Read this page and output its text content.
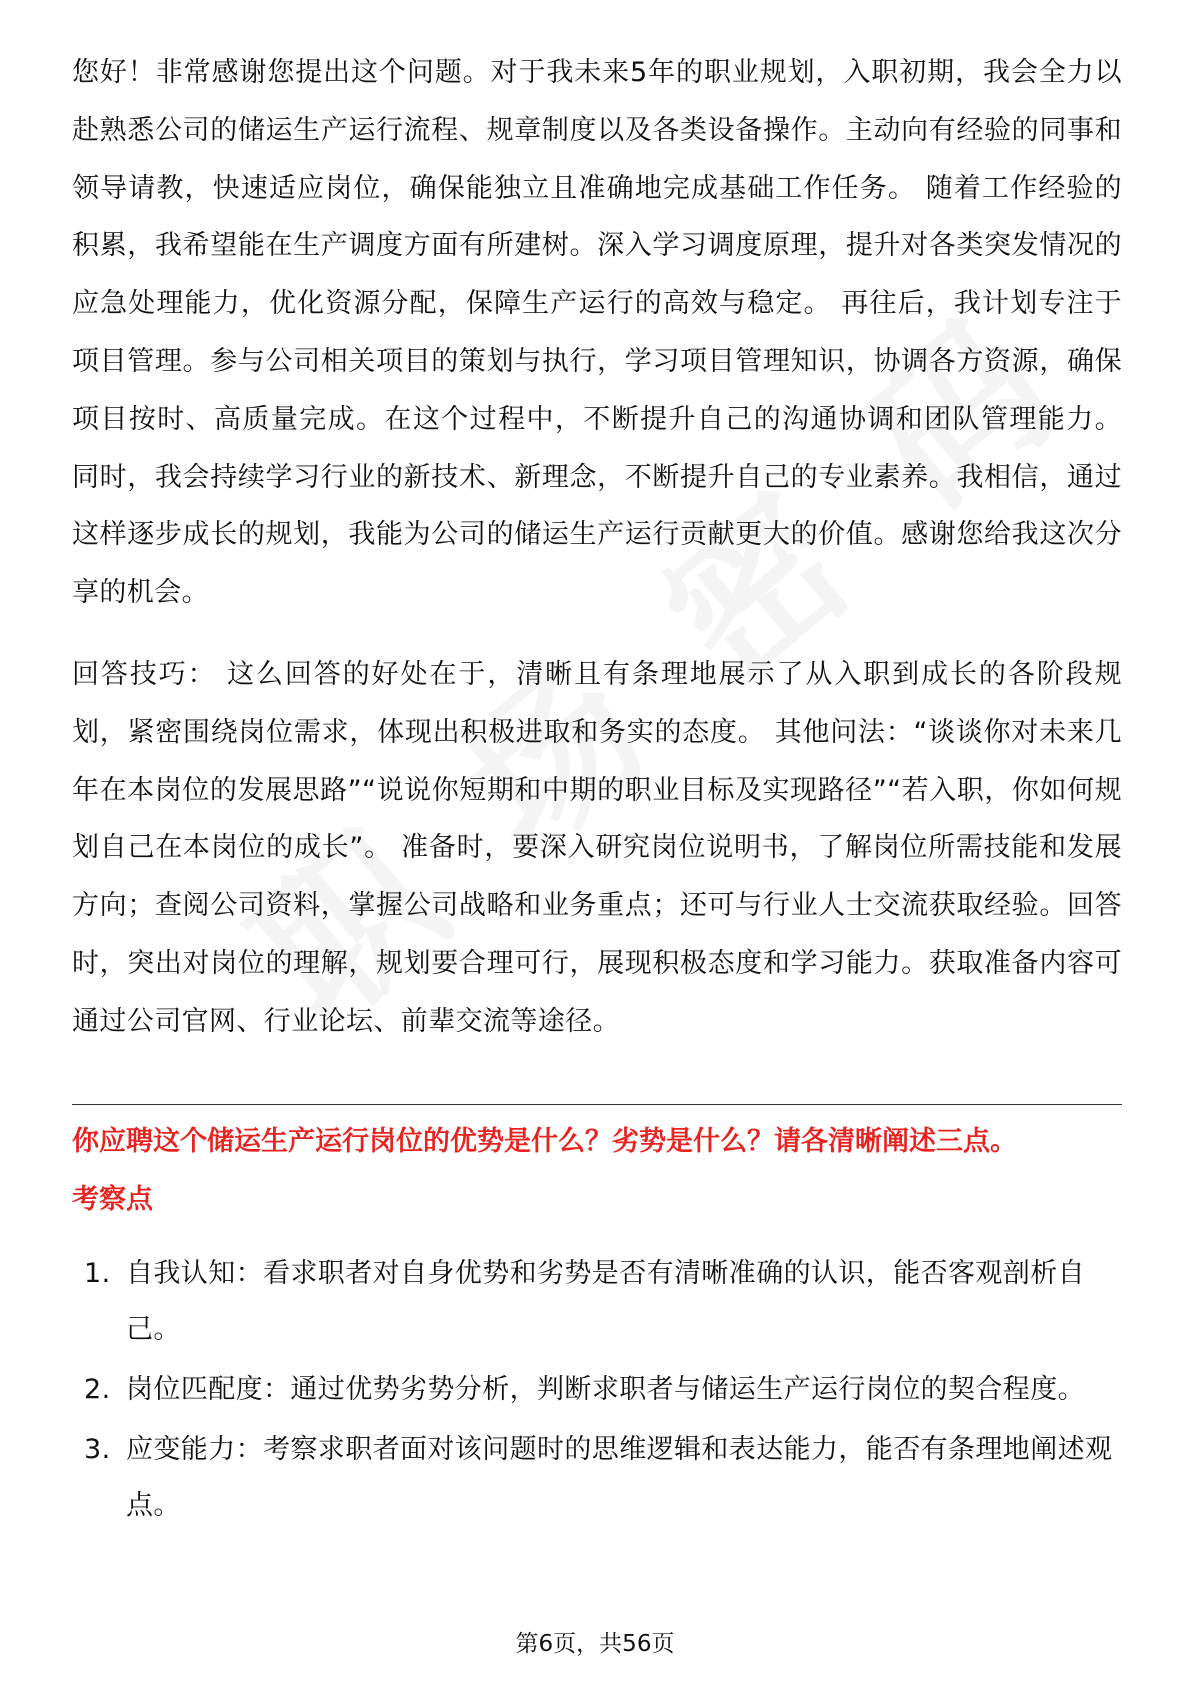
您好！非常感谢您提出这个问题。对于我未来5年的职业规划，入职初期，我会全力以赴熟悉公司的储运生产运行流程、规章制度以及各类设备操作。主动向有经验的同事和领导请教，快速适应岗位，确保能独立且准确地完成基础工作任务。 随着工作经验的积累，我希望能在生产调度方面有所建树。深入学习调度原理，提升对各类突发情况的应急处理能力，优化资源分配，保障生产运行的高效与稳定。 再往后，我计划专注于项目管理。参与公司相关项目的策划与执行，学习项目管理知识，协调各方资源，确保项目按时、高质量完成。在这个过程中，不断提升自己的沟通协调和团队管理能力。 同时，我会持续学习行业的新技术、新理念，不断提升自己的专业素养。我相信，通过这样逐步成长的规划，我能为公司的储运生产运行贡献更大的价值。感谢您给我这次分享的机会。

回答技巧： 这么回答的好处在于，清晰且有条理地展示了从入职到成长的各阶段规划，紧密围绕岗位需求，体现出积极进取和务实的态度。 其他问法：“谈谈你对未来几年在本岗位的发展思路”“说说你短期和中期的职业目标及实现路径”“若入职，你如何规划自己在本岗位的成长”。 准备时，要深入研究岗位说明书，了解岗位所需技能和发展方向；查阅公司资料，掌握公司战略和业务重点；还可与行业人士交流获取经验。回答时，突出对岗位的理解，规划要合理可行，展现积极态度和学习能力。获取准备内容可通过公司官网、行业论坛、前辈交流等途径。

你应聘这个储运生产运行岗位的优势是什么？劣势是什么？请各清晰阐述三点。
考察点
1. 自我认知：看求职者对自身优势和劣势是否有清晰准确的认识，能否客观剖析自己。
2. 岗位匹配度：通过优势劣势分析，判断求职者与储运生产运行岗位的契合程度。
3. 应变能力：考察求职者面对该问题时的思维逻辑和表达能力，能否有条理地阐述观点。
第6页，共56页
